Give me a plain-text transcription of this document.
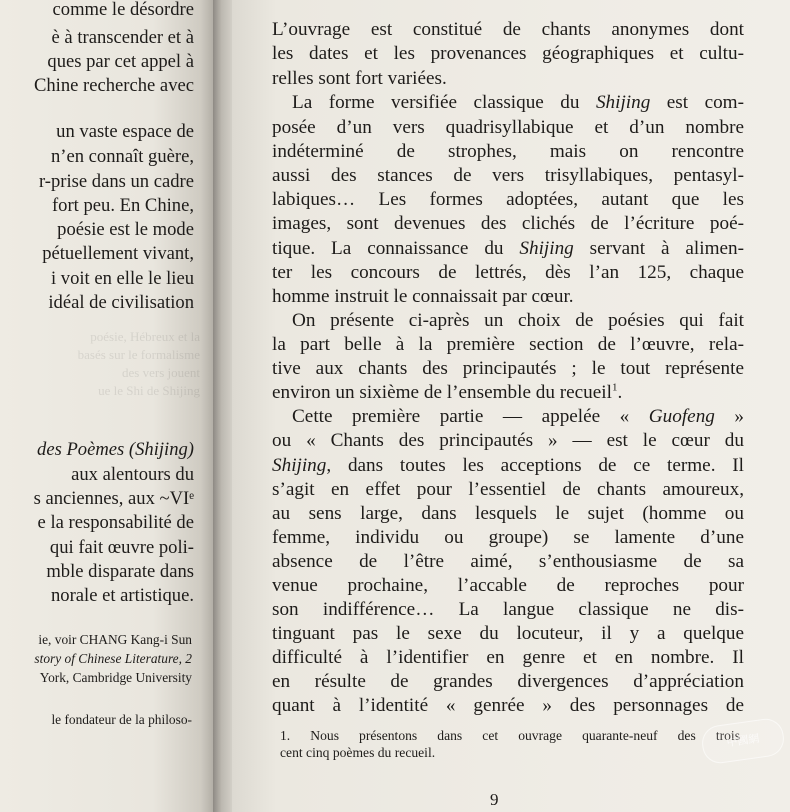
comme le désordre
è à transcender et à
ques par cet appel à
Chine recherche avec
un vaste espace de
n’en connaît guère,
r-prise dans un cadre
fort peu. En Chine,
poésie est le mode
pétuellement vivant,
i voit en elle le lieu
idéal de civilisation
poésie, Hébreux et la
basés sur le formalisme
des vers jouent
ue le Shi de Shijing
des Poèmes (Shijing)
aux alentours du
s anciennes, aux ~VIᵉ
e la responsabilité de
qui fait œuvre poli-
mble disparate dans
norale et artistique.
ie, voir CHANG Kang-i Sun
story of Chinese Literature, 2
York, Cambridge University
le fondateur de la philoso-
L’ouvrage est constitué de chants anonymes dont
les dates et les provenances géographiques et cultu-
relles sont fort variées.
La forme versifiée classique du Shijing est com-
posée d’un vers quadrisyllabique et d’un nombre
indéterminé de strophes, mais on rencontre
aussi des stances de vers trisyllabiques, pentasyl-
labiques… Les formes adoptées, autant que les
images, sont devenues des clichés de l’écriture poé-
tique. La connaissance du Shijing servant à alimen-
ter les concours de lettrés, dès l’an 125, chaque
homme instruit le connaissait par cœur.
On présente ci-après un choix de poésies qui fait
la part belle à la première section de l’œuvre, rela-
tive aux chants des principautés ; le tout représente
environ un sixième de l’ensemble du recueil$^1$.
Cette première partie — appelée « Guofeng »
ou « Chants des principautés » — est le cœur du
Shijing, dans toutes les acceptions de ce terme. Il
s’agit en effet pour l’essentiel de chants amoureux,
au sens large, dans lesquels le sujet (homme ou
femme, individu ou groupe) se lamente d’une
absence de l’être aimé, s’enthousiasme de sa
venue prochaine, l’accable de reproches pour
son indifférence… La langue classique ne dis-
tinguant pas le sexe du locuteur, il y a quelque
difficulté à l’identifier en genre et en nombre. Il
en résulte de grandes divergences d’appréciation
quant à l’identité « genrée » des personnages de
1. Nous présentons dans cet ouvrage quarante-neuf des trois
cent cinq poèmes du recueil.
9
中國網
